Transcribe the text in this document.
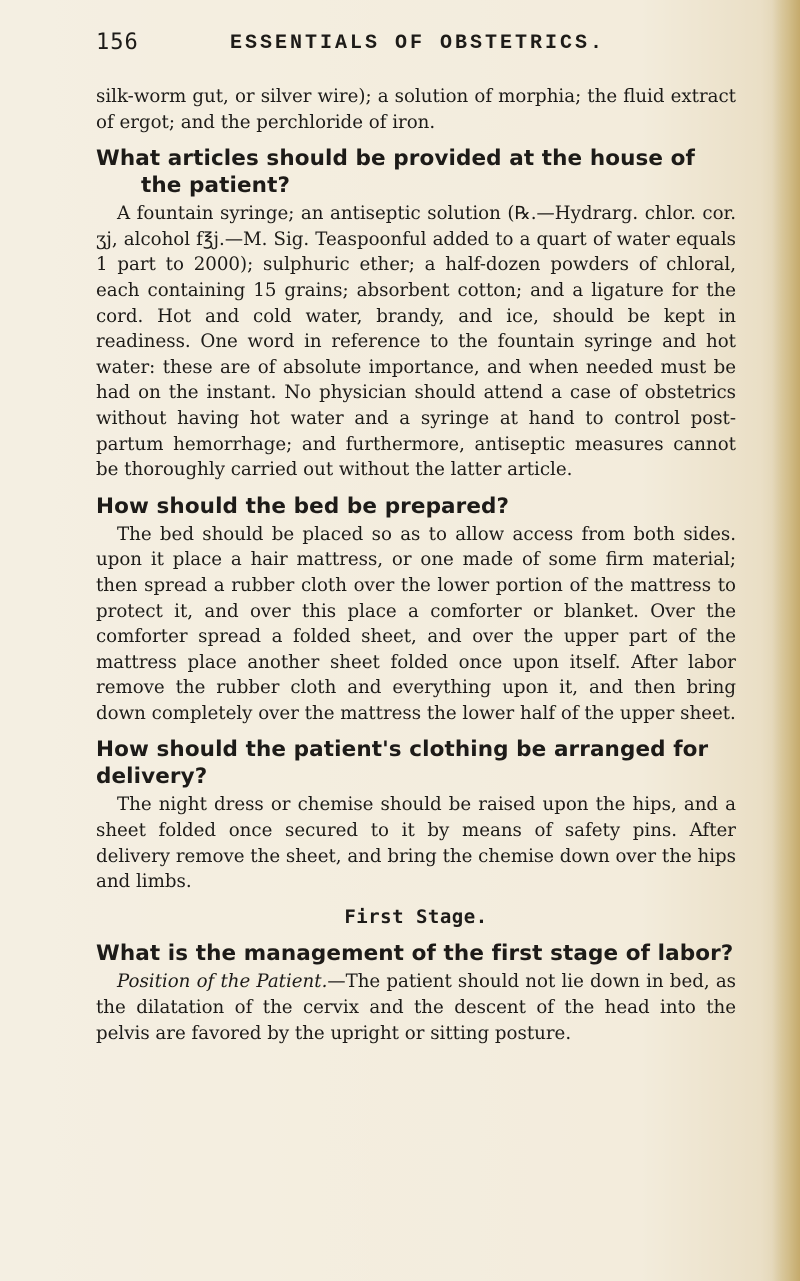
156	ESSENTIALS OF OBSTETRICS.

silk-worm gut, or silver wire); a solution of morphia; the fluid extract of ergot; and the perchloride of iron.

What articles should be provided at the house of the patient?

A fountain syringe; an antiseptic solution (℞.—Hydrarg. chlor. cor. ʒj, alcohol f℥j.—M. Sig. Teaspoonful added to a quart of water equals 1 part to 2000); sulphuric ether; a half-dozen powders of chloral, each containing 15 grains; absorbent cotton; and a ligature for the cord. Hot and cold water, brandy, and ice, should be kept in readiness. One word in reference to the fountain syringe and hot water: these are of absolute importance, and when needed must be had on the instant. No physician should attend a case of obstetrics without having hot water and a syringe at hand to control post-partum hemorrhage; and furthermore, antiseptic measures cannot be thoroughly carried out without the latter article.

How should the bed be prepared?

The bed should be placed so as to allow access from both sides. upon it place a hair mattress, or one made of some firm material; then spread a rubber cloth over the lower portion of the mattress to protect it, and over this place a comforter or blanket. Over the comforter spread a folded sheet, and over the upper part of the mattress place another sheet folded once upon itself. After labor remove the rubber cloth and everything upon it, and then bring down completely over the mattress the lower half of the upper sheet.

How should the patient's clothing be arranged for delivery?

The night dress or chemise should be raised upon the hips, and a sheet folded once secured to it by means of safety pins. After delivery remove the sheet, and bring the chemise down over the hips and limbs.

First Stage.

What is the management of the first stage of labor?

Position of the Patient.—The patient should not lie down in bed, as the dilatation of the cervix and the descent of the head into the pelvis are favored by the upright or sitting posture.
